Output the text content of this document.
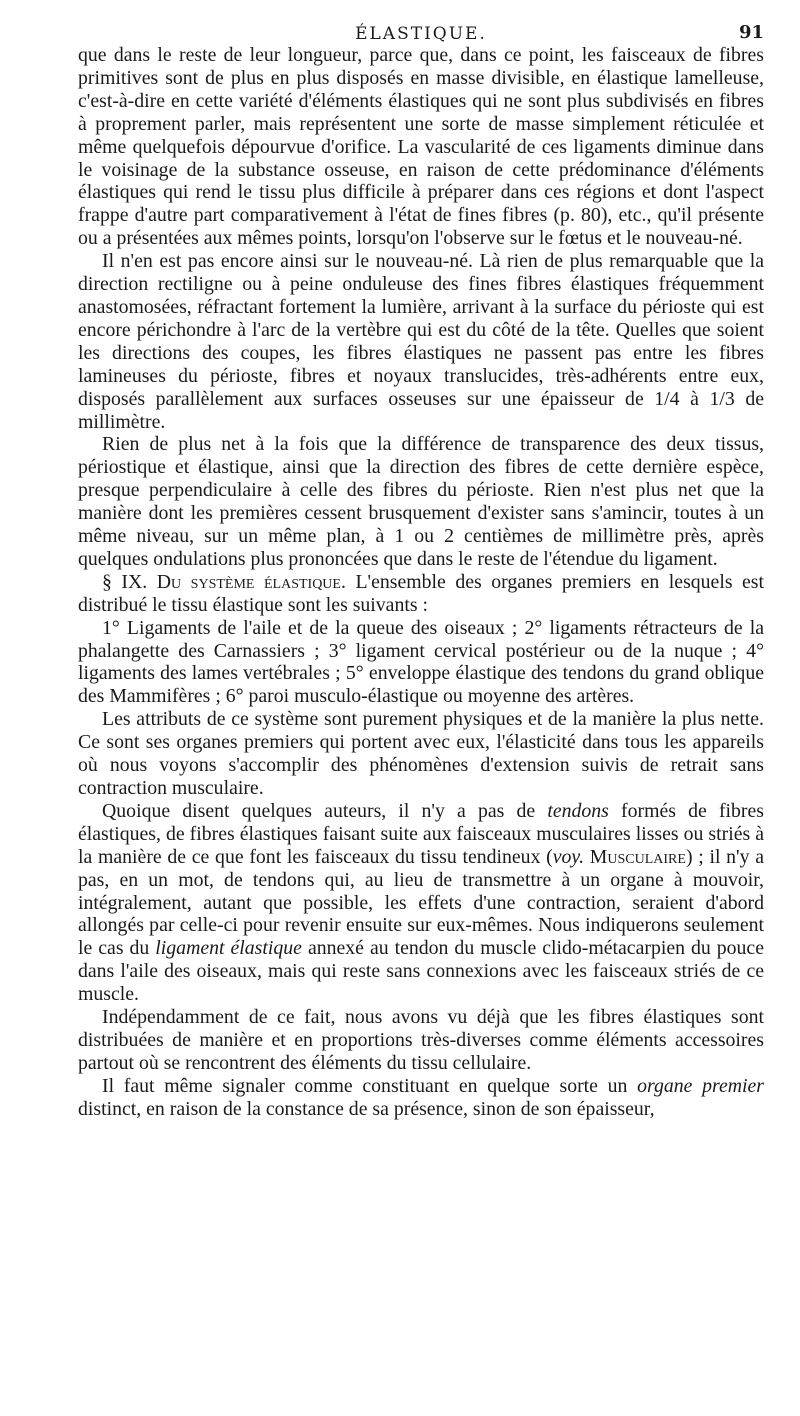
ÉLASTIQUE.	91

que dans le reste de leur longueur, parce que, dans ce point, les faisceaux de fibres primitives sont de plus en plus disposés en masse divisible, en élastique lamelleuse, c'est-à-dire en cette variété d'éléments élastiques qui ne sont plus subdivisés en fibres à proprement parler, mais représentent une sorte de masse simplement réticulée et même quelquefois dépourvue d'orifice. La vascularité de ces ligaments diminue dans le voisinage de la substance osseuse, en raison de cette prédominance d'éléments élastiques qui rend le tissu plus difficile à préparer dans ces régions et dont l'aspect frappe d'autre part comparativement à l'état de fines fibres (p. 80), etc., qu'il présente ou a présentées aux mêmes points, lorsqu'on l'observe sur le fœtus et le nouveau-né.

Il n'en est pas encore ainsi sur le nouveau-né. Là rien de plus remarquable que la direction rectiligne ou à peine onduleuse des fines fibres élastiques fréquemment anastomosées, réfractant fortement la lumière, arrivant à la surface du périoste qui est encore périchondre à l'arc de la vertèbre qui est du côté de la tête. Quelles que soient les directions des coupes, les fibres élastiques ne passent pas entre les fibres lamineuses du périoste, fibres et noyaux translucides, très-adhérents entre eux, disposés parallèlement aux surfaces osseuses sur une épaisseur de 1/4 à 1/3 de millimètre.

Rien de plus net à la fois que la différence de transparence des deux tissus, périostique et élastique, ainsi que la direction des fibres de cette dernière espèce, presque perpendiculaire à celle des fibres du périoste. Rien n'est plus net que la manière dont les premières cessent brusquement d'exister sans s'amincir, toutes à un même niveau, sur un même plan, à 1 ou 2 centièmes de millimètre près, après quelques ondulations plus prononcées que dans le reste de l'étendue du ligament.

§ IX. Du système élastique. L'ensemble des organes premiers en lesquels est distribué le tissu élastique sont les suivants :

1° Ligaments de l'aile et de la queue des oiseaux ; 2° ligaments rétracteurs de la phalangette des Carnassiers ; 3° ligament cervical postérieur ou de la nuque ; 4° ligaments des lames vertébrales ; 5° enveloppe élastique des tendons du grand oblique des Mammifères ; 6° paroi musculo-élastique ou moyenne des artères.

Les attributs de ce système sont purement physiques et de la manière la plus nette. Ce sont ses organes premiers qui portent avec eux, l'élasticité dans tous les appareils où nous voyons s'accomplir des phénomènes d'extension suivis de retrait sans contraction musculaire.

Quoique disent quelques auteurs, il n'y a pas de tendons formés de fibres élastiques, de fibres élastiques faisant suite aux faisceaux musculaires lisses ou striés à la manière de ce que font les faisceaux du tissu tendineux (voy. Musculaire) ; il n'y a pas, en un mot, de tendons qui, au lieu de transmettre à un organe à mouvoir, intégralement, autant que possible, les effets d'une contraction, seraient d'abord allongés par celle-ci pour revenir ensuite sur eux-mêmes. Nous indiquerons seulement le cas du ligament élastique annexé au tendon du muscle clido-métacarpien du pouce dans l'aile des oiseaux, mais qui reste sans connexions avec les faisceaux striés de ce muscle.

Indépendamment de ce fait, nous avons vu déjà que les fibres élastiques sont distribuées de manière et en proportions très-diverses comme éléments accessoires partout où se rencontrent des éléments du tissu cellulaire.

Il faut même signaler comme constituant en quelque sorte un organe premier distinct, en raison de la constance de sa présence, sinon de son épaisseur,
